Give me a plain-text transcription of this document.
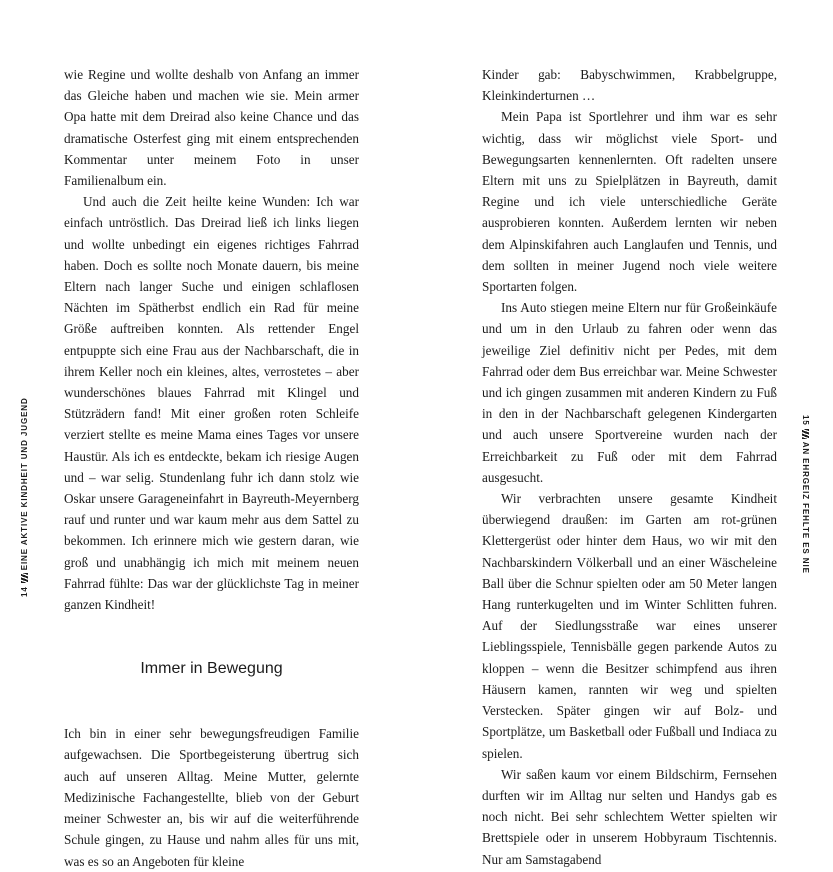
wie Regine und wollte deshalb von Anfang an immer das Gleiche haben und machen wie sie. Mein armer Opa hatte mit dem Dreirad also keine Chance und das dramatische Osterfest ging mit einem entsprechenden Kommentar unter meinem Foto in unser Familienalbum ein.

Und auch die Zeit heilte keine Wunden: Ich war einfach untröstlich. Das Dreirad ließ ich links liegen und wollte unbedingt ein eigenes richtiges Fahrrad haben. Doch es sollte noch Monate dauern, bis meine Eltern nach langer Suche und einigen schlaflosen Nächten im Spätherbst endlich ein Rad für meine Größe auftreiben konnten. Als rettender Engel entpuppte sich eine Frau aus der Nachbarschaft, die in ihrem Keller noch ein kleines, altes, verrostetes – aber wunderschönes blaues Fahrrad mit Klingel und Stützrädern fand! Mit einer großen roten Schleife verziert stellte es meine Mama eines Tages vor unsere Haustür. Als ich es entdeckte, bekam ich riesige Augen und – war selig. Stundenlang fuhr ich dann stolz wie Oskar unsere Garageneinfahrt in Bayreuth-Meyernberg rauf und runter und war kaum mehr aus dem Sattel zu bekommen. Ich erinnere mich wie gestern daran, wie groß und unabhängig ich mich mit meinem neuen Fahrrad fühlte: Das war der glücklichste Tag in meiner ganzen Kindheit!

Immer in Bewegung

Ich bin in einer sehr bewegungsfreudigen Familie aufgewachsen. Die Sportbegeisterung übertrug sich auch auf unseren Alltag. Meine Mutter, gelernte Medizinische Fachangestellte, blieb von der Geburt meiner Schwester an, bis wir auf die weiterführende Schule gingen, zu Hause und nahm alles für uns mit, was es so an Angeboten für kleine

14
EINE AKTIVE KINDHEIT UND JUGEND

Kinder gab: Babyschwimmen, Krabbelgruppe, Kleinkinderturnen …

Mein Papa ist Sportlehrer und ihm war es sehr wichtig, dass wir möglichst viele Sport- und Bewegungsarten kennenlernten. Oft radelten unsere Eltern mit uns zu Spielplätzen in Bayreuth, damit Regine und ich viele unterschiedliche Geräte ausprobieren konnten. Außerdem lernten wir neben dem Alpinskifahren auch Langlaufen und Tennis, und dem sollten in meiner Jugend noch viele weitere Sportarten folgen.

Ins Auto stiegen meine Eltern nur für Großeinkäufe und um in den Urlaub zu fahren oder wenn das jeweilige Ziel definitiv nicht per Pedes, mit dem Fahrrad oder dem Bus erreichbar war. Meine Schwester und ich gingen zusammen mit anderen Kindern zu Fuß in den in der Nachbarschaft gelegenen Kindergarten und auch unsere Sportvereine wurden nach der Erreichbarkeit zu Fuß oder mit dem Fahrrad ausgesucht.

Wir verbrachten unsere gesamte Kindheit überwiegend draußen: im Garten am rot-grünen Klettergerüst oder hinter dem Haus, wo wir mit den Nachbarskindern Völkerball und an einer Wäscheleine Ball über die Schnur spielten oder am 50 Meter langen Hang runterkugelten und im Winter Schlitten fuhren. Auf der Siedlungsstraße war eines unserer Lieblingsspiele, Tennisbälle gegen parkende Autos zu kloppen – wenn die Besitzer schimpfend aus ihren Häusern kamen, rannten wir weg und spielten Verstecken. Später gingen wir auf Bolz- und Sportplätze, um Basketball oder Fußball und Indiaca zu spielen.

Wir saßen kaum vor einem Bildschirm, Fernsehen durften wir im Alltag nur selten und Handys gab es noch nicht. Bei sehr schlechtem Wetter spielten wir Brettspiele oder in unserem Hobbyraum Tischtennis. Nur am Samstagabend

15
AN EHRGEIZ FEHLTE ES NIE
